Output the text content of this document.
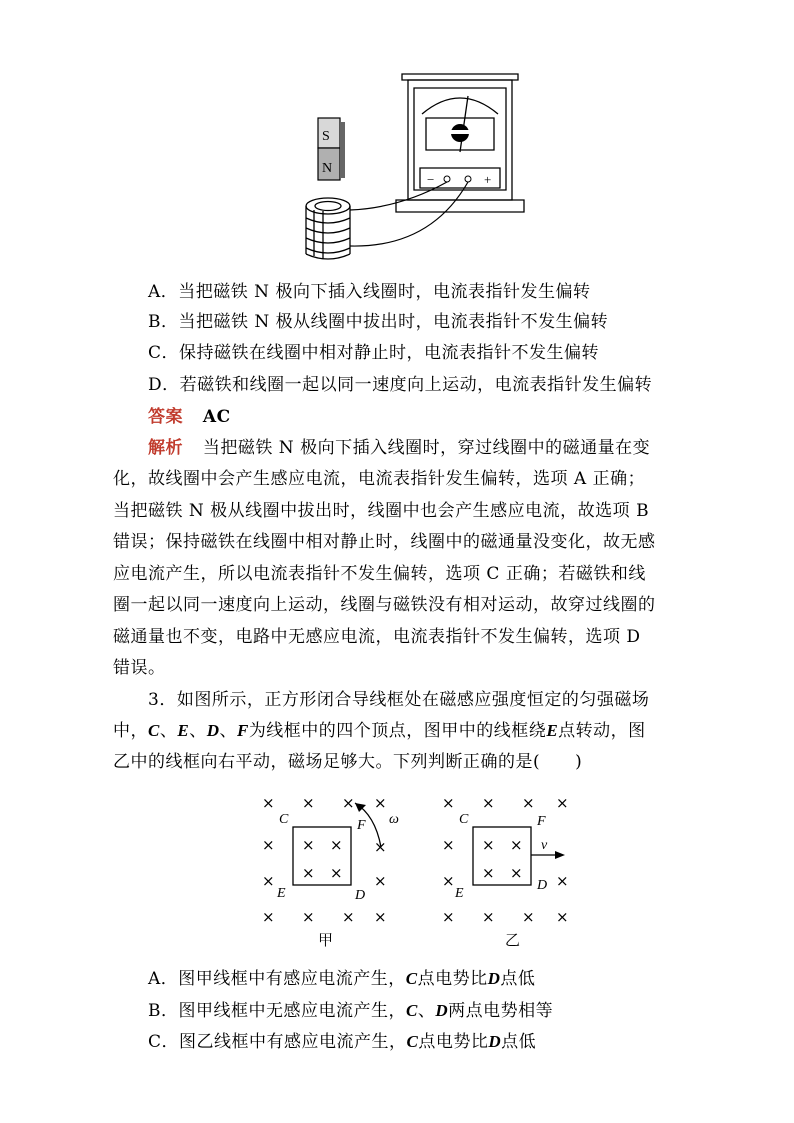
−	+
S
N
A．当把磁铁 N 极向下插入线圈时，电流表指针发生偏转
B．当把磁铁 N 极从线圈中拔出时，电流表指针不发生偏转
C．保持磁铁在线圈中相对静止时，电流表指针不发生偏转
D．若磁铁和线圈一起以同一速度向上运动，电流表指针发生偏转
答案 AC
解析 当把磁铁 N 极向下插入线圈时，穿过线圈中的磁通量在变
化，故线圈中会产生感应电流，电流表指针发生偏转，选项 A 正确；
当把磁铁 N 极从线圈中拔出时，线圈中也会产生感应电流，故选项 B
错误；保持磁铁在线圈中相对静止时，线圈中的磁通量没变化，故无感
应电流产生，所以电流表指针不发生偏转，选项 C 正确；若磁铁和线
圈一起以同一速度向上运动，线圈与磁铁没有相对运动，故穿过线圈的
磁通量也不变，电路中无感应电流，电流表指针不发生偏转，选项 D
错误。
3．如图所示，正方形闭合导线框处在磁感应强度恒定的匀强磁场
中，C、E、D、F为线框中的四个顶点，图甲中的线框绕E点转动，图
乙中的线框向右平动，磁场足够大。下列判断正确的是(　　)
× × × ×
×	×
×	×
× × × ×
× ×
× ×
× × × ×
×
×	×
× × × ×
× ×
× ×
C	F
E	D
ω	C	F
E
D
v
甲	乙
A．图甲线框中有感应电流产生，C点电势比D点低
B．图甲线框中无感应电流产生，C、D两点电势相等
C．图乙线框中有感应电流产生，C点电势比D点低
